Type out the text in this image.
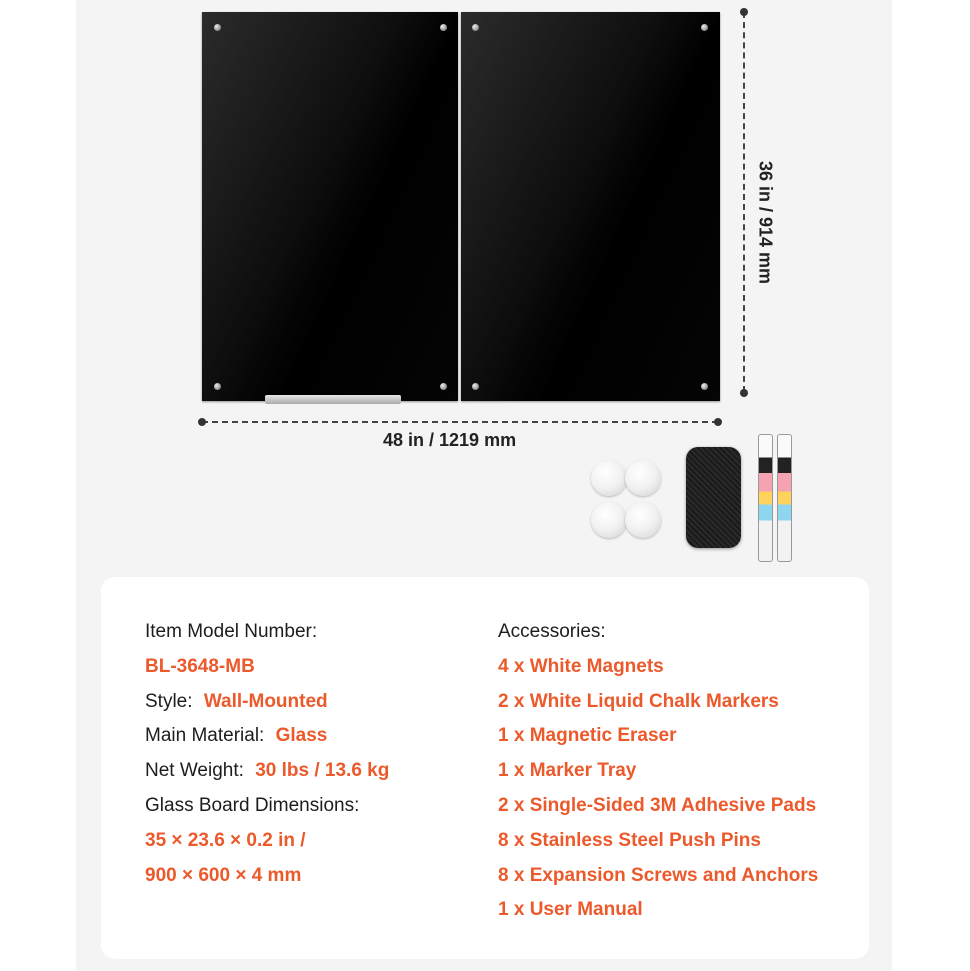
48 in / 1219 mm
36 in / 914 mm
Item Model Number:
BL-3648-MB
Style: Wall-Mounted
Main Material: Glass
Net Weight: 30 lbs / 13.6 kg
Glass Board Dimensions:
35 × 23.6 × 0.2 in /
900 × 600 × 4 mm
Accessories:
4 x White Magnets
2 x White Liquid Chalk Markers
1 x Magnetic Eraser
1 x Marker Tray
2 x Single-Sided 3M Adhesive Pads
8 x Stainless Steel Push Pins
8 x Expansion Screws and Anchors
1 x User Manual
